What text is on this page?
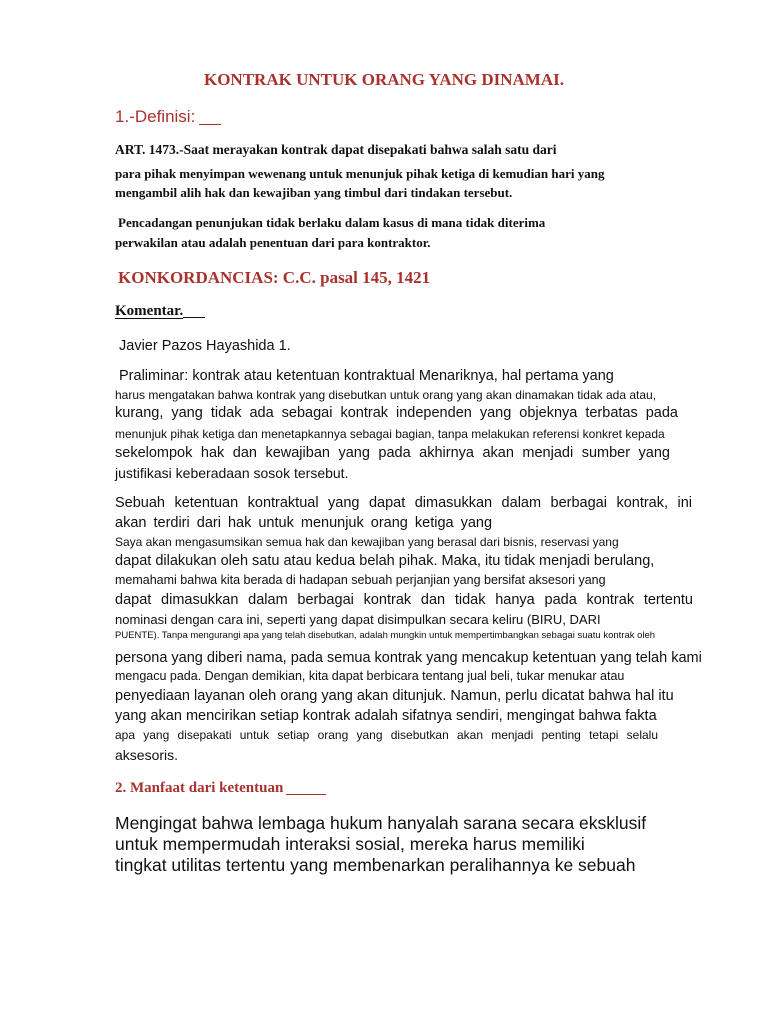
KONTRAK UNTUK ORANG YANG DINAMAI.
1.-Definisi:
ART. 1473.-Saat merayakan kontrak dapat disepakati bahwa salah satu dari
para pihak menyimpan wewenang untuk menunjuk pihak ketiga di kemudian hari yang
mengambil alih hak dan kewajiban yang timbul dari tindakan tersebut.
Pencadangan penunjukan tidak berlaku dalam kasus di mana tidak diterima
perwakilan atau adalah penentuan dari para kontraktor.
KONKORDANCIAS: C.C. pasal 145, 1421
Komentar.
Javier Pazos Hayashida 1.
Praliminar: kontrak atau ketentuan kontraktual Menariknya, hal pertama yang
harus mengatakan bahwa kontrak yang disebutkan untuk orang yang akan dinamakan tidak ada atau,
kurang, yang tidak ada sebagai kontrak independen yang objeknya terbatas pada
menunjuk pihak ketiga dan menetapkannya sebagai bagian, tanpa melakukan referensi konkret kepada
sekelompok hak dan kewajiban yang pada akhirnya akan menjadi sumber yang
justifikasi keberadaan sosok tersebut.
Sebuah ketentuan kontraktual yang dapat dimasukkan dalam berbagai kontrak, ini
akan terdiri dari hak untuk menunjuk orang ketiga yang
Saya akan mengasumsikan semua hak dan kewajiban yang berasal dari bisnis, reservasi yang
dapat dilakukan oleh satu atau kedua belah pihak. Maka, itu tidak menjadi berulang,
memahami bahwa kita berada di hadapan sebuah perjanjian yang bersifat aksesori yang
dapat dimasukkan dalam berbagai kontrak dan tidak hanya pada kontrak tertentu
nominasi dengan cara ini, seperti yang dapat disimpulkan secara keliru (BIRU, DARI
PUENTE). Tanpa mengurangi apa yang telah disebutkan, adalah mungkin untuk mempertimbangkan sebagai suatu kontrak oleh
persona yang diberi nama, pada semua kontrak yang mencakup ketentuan yang telah kami
mengacu pada. Dengan demikian, kita dapat berbicara tentang jual beli, tukar menukar atau
penyediaan layanan oleh orang yang akan ditunjuk. Namun, perlu dicatat bahwa hal itu
yang akan mencirikan setiap kontrak adalah sifatnya sendiri, mengingat bahwa fakta
apa yang disepakati untuk setiap orang yang disebutkan akan menjadi penting tetapi selalu
aksesoris.
2. Manfaat dari ketentuan
Mengingat bahwa lembaga hukum hanyalah sarana secara eksklusif
untuk mempermudah interaksi sosial, mereka harus memiliki
tingkat utilitas tertentu yang membenarkan peralihannya ke sebuah
